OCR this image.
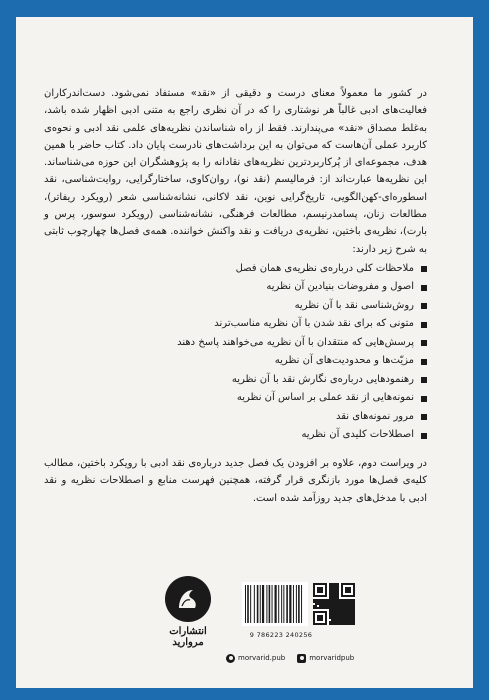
در کشور ما معمولاً معنای درست و دقیقی از «نقد» مستفاد نمی‌شود. دست‌اندرکاران فعالیت‌های ادبی غالباً هر نوشتاری را که در آن نظری راجع به متنی ادبی اظهار شده باشد، به‌غلط مصداق «نقد» می‌پندارند. فقط از راه شناساندن نظریه‌های علمی نقد ادبی و نحوه‌ی کاربرد عملی آن‌هاست که می‌توان به این برداشت‌های نادرست پایان داد. کتاب حاضر با همین هدف، مجموعه‌ای از پُرکاربردترین نظریه‌های نقادانه را به پژوهشگران این حوزه می‌شناساند. این نظریه‌ها عبارت‌اند از: فرمالیسم (نقد نو)، روان‌کاوی، ساختارگرایی، روایت‌شناسی، نقد اسطوره‌ای-کهن‌الگویی، تاریخ‌گرایی نوین، نقد لاکانی، نشانه‌شناسی شعر (رویکرد ریفاتر)، مطالعات زنان، پسامدرنیسم، مطالعات فرهنگی، نشانه‌شناسی (رویکرد سوسور، پرس و بارت)، نظریه‌ی باختین، نظریه‌ی دریافت و نقد واکنش خواننده. همه‌ی فصل‌ها چهارچوب ثابتی به شرح زیر دارند:

ملاحظات کلی درباره‌ی نظریه‌ی همان فصل
اصول و مفروضات بنیادین آن نظریه
روش‌شناسی نقد با آن نظریه
متونی که برای نقد شدن با آن نظریه مناسب‌ترند
پرسش‌هایی که منتقدان با آن نظریه می‌خواهند پاسخ دهند
مزیّت‌ها و محدودیت‌های آن نظریه
رهنمودهایی درباره‌ی نگارش نقد با آن نظریه
نمونه‌هایی از نقد عملی بر اساس آن نظریه
مرور نمونه‌های نقد
اصطلاحات کلیدی آن نظریه

در ویراست دوم، علاوه بر افزودن یک فصل جدید درباره‌ی نقد ادبی با رویکرد باختین، مطالب کلیه‌ی فصل‌ها مورد بازنگری قرار گرفته، همچنین فهرست منابع و اصطلاحات نظریه و نقد ادبی با مدخل‌های جدید روزآمد شده است.

انتشارات مروارید
9 786223 240256
morvarid.pub	morvaridpub
